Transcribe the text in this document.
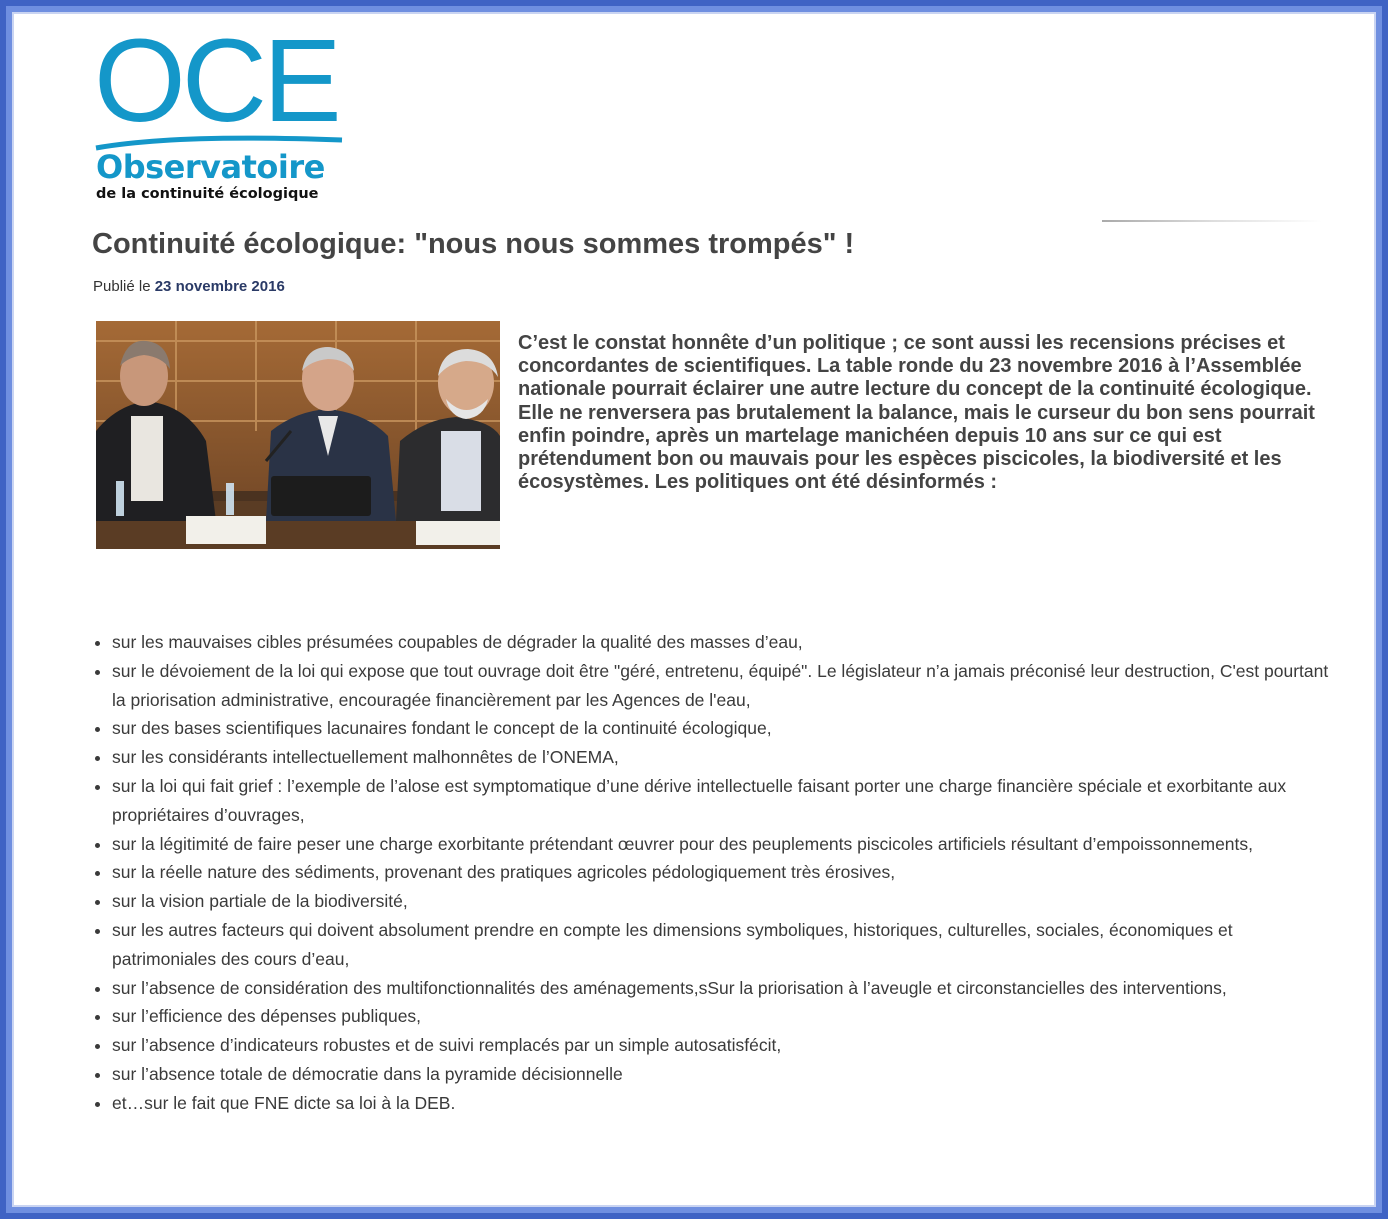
OCE
Observatoire
de la continuité écologique
Continuité écologique: "nous nous sommes trompés" !
Publié le 23 novembre 2016

C’est le constat honnête d’un politique ; ce sont aussi les recensions précises et concordantes de scientifiques. La table ronde du 23 novembre 2016 à l’Assemblée nationale pourrait éclairer une autre lecture du concept de la continuité écologique. Elle ne renversera pas brutalement la balance, mais le curseur du bon sens pourrait enfin poindre, après un martelage manichéen depuis 10 ans sur ce qui est prétendument bon ou mauvais pour les espèces piscicoles, la biodiversité et les écosystèmes. Les politiques ont été désinformés :

• sur les mauvaises cibles présumées coupables de dégrader la qualité des masses d’eau,
• sur le dévoiement de la loi qui expose que tout ouvrage doit être "géré, entretenu, équipé". Le législateur n’a jamais préconisé leur destruction, C'est pourtant la priorisation administrative, encouragée financièrement par les Agences de l'eau,
• sur des bases scientifiques lacunaires fondant le concept de la continuité écologique,
• sur les considérants intellectuellement malhonnêtes de l’ONEMA,
• sur la loi qui fait grief : l’exemple de l’alose est symptomatique d’une dérive intellectuelle faisant porter une charge financière spéciale et exorbitante aux propriétaires d’ouvrages,
• sur la légitimité de faire peser une charge exorbitante prétendant œuvrer pour des peuplements piscicoles artificiels résultant d’empoissonnements,
• sur la réelle nature des sédiments, provenant des pratiques agricoles pédologiquement très érosives,
• sur la vision partiale de la biodiversité,
• sur les autres facteurs qui doivent absolument prendre en compte les dimensions symboliques, historiques, culturelles, sociales, économiques et patrimoniales des cours d’eau,
• sur l’absence de considération des multifonctionnalités des aménagements,sSur la priorisation à l’aveugle et circonstancielles des interventions,
• sur l’efficience des dépenses publiques,
• sur l’absence d’indicateurs robustes et de suivi remplacés par un simple autosatisfécit,
• sur l’absence totale de démocratie dans la pyramide décisionnelle
• et…sur le fait que FNE dicte sa loi à la DEB.
